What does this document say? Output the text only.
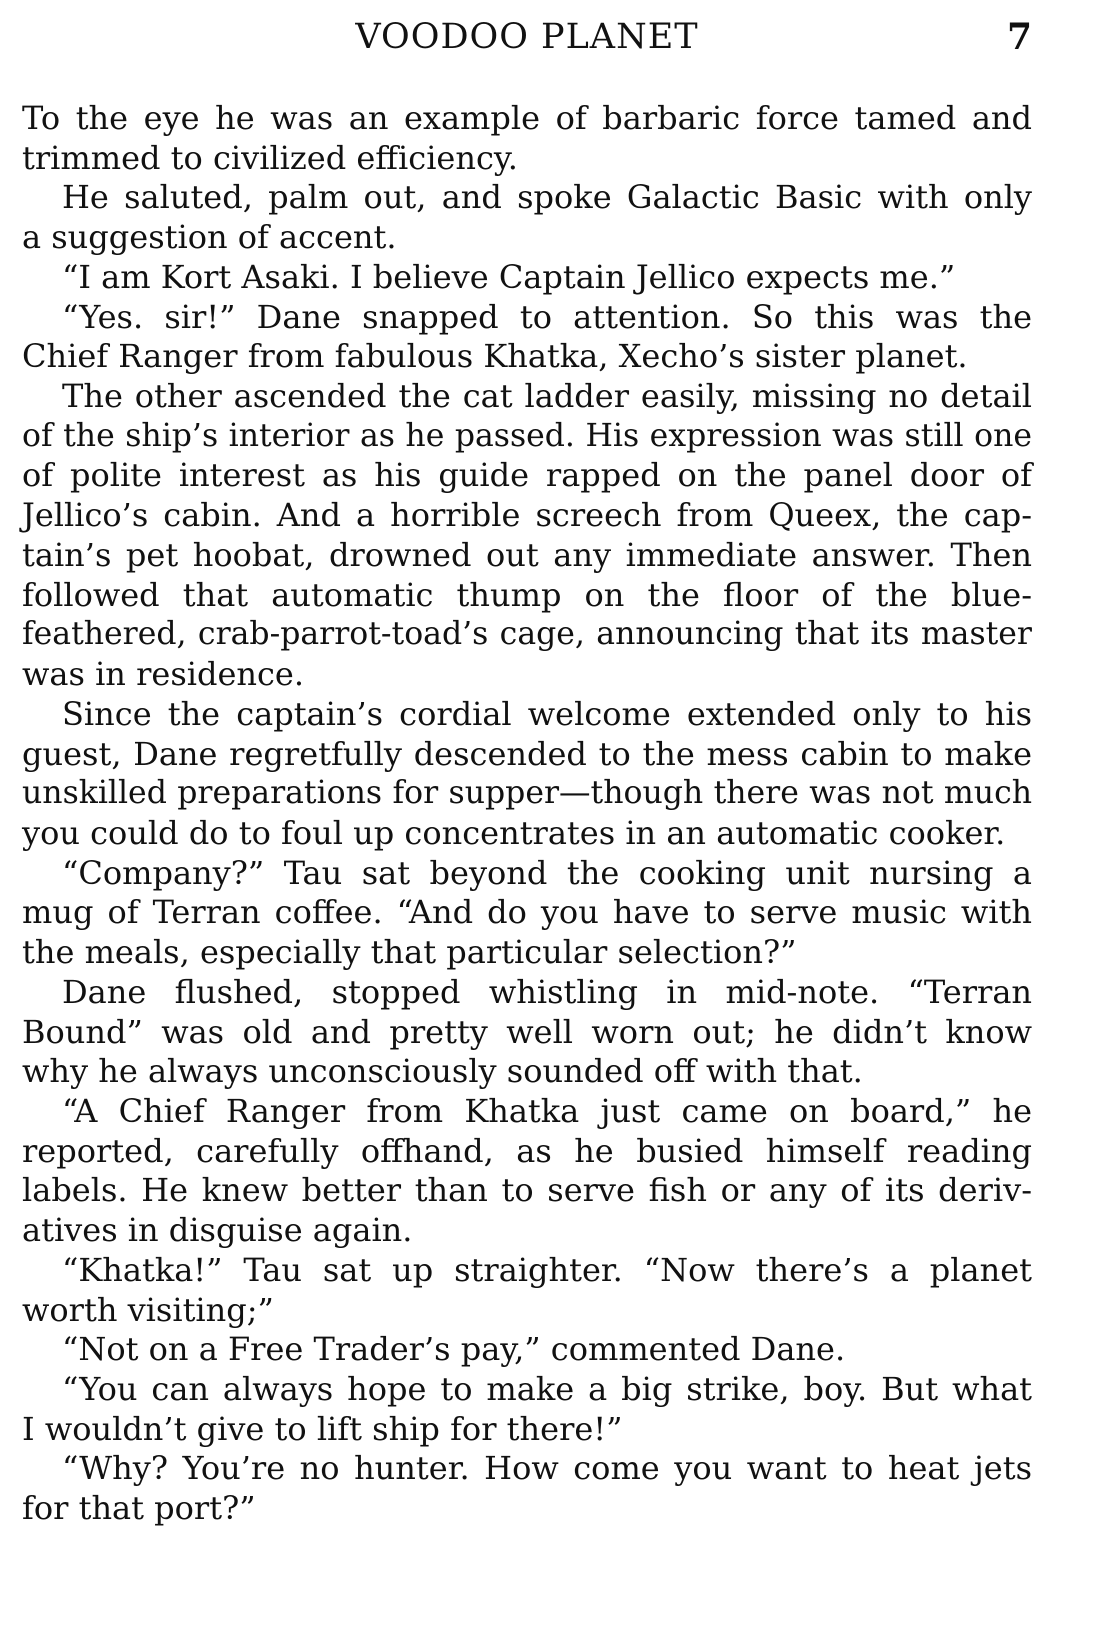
VOODOO PLANET	7
To the eye he was an example of barbaric force tamed and
trimmed to civilized efficiency.
He saluted, palm out, and spoke Galactic Basic with only
a suggestion of accent.
“I am Kort Asaki. I believe Captain Jellico expects me.”
“Yes. sir!” Dane snapped to attention. So this was the
Chief Ranger from fabulous Khatka, Xecho’s sister planet.
The other ascended the cat ladder easily, missing no detail
of the ship’s interior as he passed. His expression was still one
of polite interest as his guide rapped on the panel door of
Jellico’s cabin. And a horrible screech from Queex, the cap-
tain’s pet hoobat, drowned out any immediate answer. Then
followed that automatic thump on the floor of the blue-
feathered, crab-parrot-toad’s cage, announcing that its master
was in residence.
Since the captain’s cordial welcome extended only to his
guest, Dane regretfully descended to the mess cabin to make
unskilled preparations for supper—though there was not much
you could do to foul up concentrates in an automatic cooker.
“Company?” Tau sat beyond the cooking unit nursing a
mug of Terran coffee. “And do you have to serve music with
the meals, especially that particular selection?”
Dane flushed, stopped whistling in mid-note. “Terran
Bound” was old and pretty well worn out; he didn’t know
why he always unconsciously sounded off with that.
“A Chief Ranger from Khatka just came on board,” he
reported, carefully offhand, as he busied himself reading
labels. He knew better than to serve fish or any of its deriv-
atives in disguise again.
“Khatka!” Tau sat up straighter. “Now there’s a planet
worth visiting;”
“Not on a Free Trader’s pay,” commented Dane.
“You can always hope to make a big strike, boy. But what
I wouldn’t give to lift ship for there!”
“Why? You’re no hunter. How come you want to heat jets
for that port?”
